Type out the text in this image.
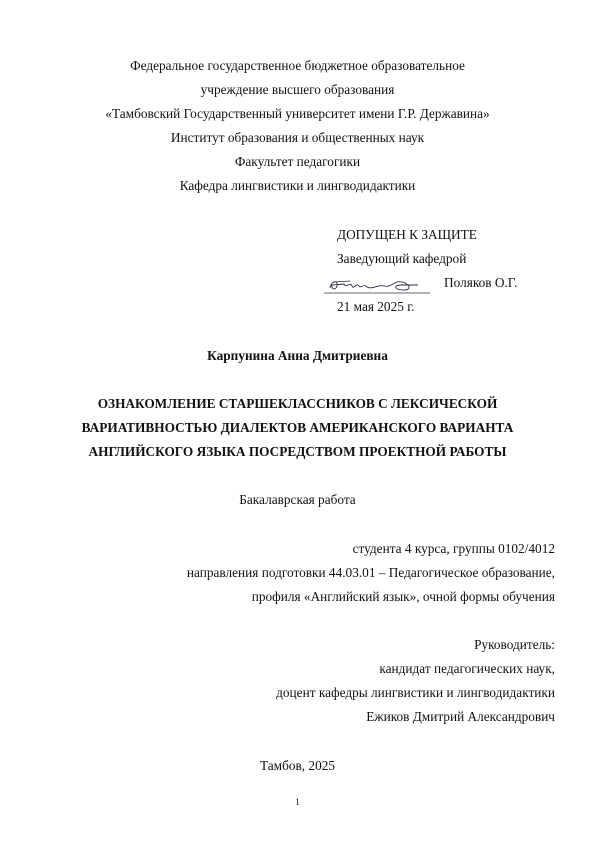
Федеральное государственное бюджетное образовательное
учреждение высшего образования
«Тамбовский Государственный университет имени Г.Р. Державина»
Институт образования и общественных наук
Факультет педагогики
Кафедра лингвистики и лингводидактики
ДОПУЩЕН К ЗАЩИТЕ
Заведующий кафедрой
Поляков О.Г.
21 мая 2025 г.
Карпунина Анна Дмитриевна
ОЗНАКОМЛЕНИЕ СТАРШЕКЛАССНИКОВ С ЛЕКСИЧЕСКОЙ
ВАРИАТИВНОСТЬЮ ДИАЛЕКТОВ АМЕРИКАНСКОГО ВАРИАНТА
АНГЛИЙСКОГО ЯЗЫКА ПОСРЕДСТВОМ ПРОЕКТНОЙ РАБОТЫ
Бакалаврская работа
студента 4 курса, группы 0102/4012
направления подготовки 44.03.01 – Педагогическое образование,
профиля «Английский язык», очной формы обучения
Руководитель:
кандидат педагогических наук,
доцент кафедры лингвистики и лингводидактики
Ежиков Дмитрий Александрович
Тамбов, 2025
1
